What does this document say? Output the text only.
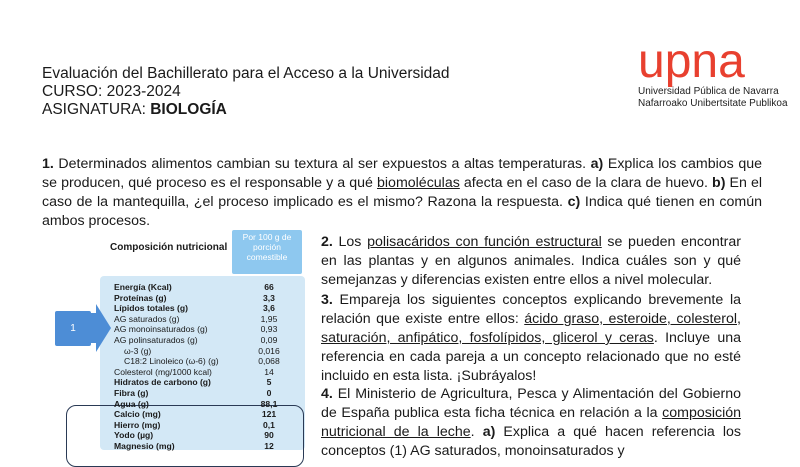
Evaluación del Bachillerato para el Acceso a la Universidad
CURSO: 2023-2024
ASIGNATURA: BIOLOGÍA
upna
Universidad Pública de Navarra
Nafarroako Unibertsitate Publikoa
1. Determinados alimentos cambian su textura al ser expuestos a altas temperaturas. a) Explica los cambios que se producen, qué proceso es el responsable y a qué biomoléculas afecta en el caso de la clara de huevo. b) En el caso de la mantequilla, ¿el proceso implicado es el mismo? Razona la respuesta. c) Indica qué tienen en común ambos procesos.
Composición nutricional
Por 100 g de porción comestible
Energía (Kcal)	66
Proteínas (g)	3,3
Lípidos totales (g)	3,6
AG saturados (g)	1,95
AG monoinsaturados (g)	0,93
AG polinsaturados (g)	0,09
ω-3 (g)	0,016
C18:2 Linoleico (ω-6) (g)	0,068
Colesterol (mg/1000 kcal)	14
Hidratos de carbono (g)	5
Fibra (g)	0
Agua (g)	88,1
Calcio (mg)	121
Hierro (mg)	0,1
Yodo (µg)	90
Magnesio (mg)	12
1
2. Los polisacáridos con función estructural se pueden encontrar en las plantas y en algunos animales. Indica cuáles son y qué semejanzas y diferencias existen entre ellos a nivel molecular.
3. Empareja los siguientes conceptos explicando brevemente la relación que existe entre ellos: ácido graso, esteroide, colesterol, saturación, anfipático, fosfolípidos, glicerol y ceras. Incluye una referencia en cada pareja a un concepto relacionado que no esté incluido en esta lista. ¡Subráyalos!
4. El Ministerio de Agricultura, Pesca y Alimentación del Gobierno de España publica esta ficha técnica en relación a la composición nutricional de la leche. a) Explica a qué hacen referencia los conceptos (1) AG saturados, monoinsaturados y
